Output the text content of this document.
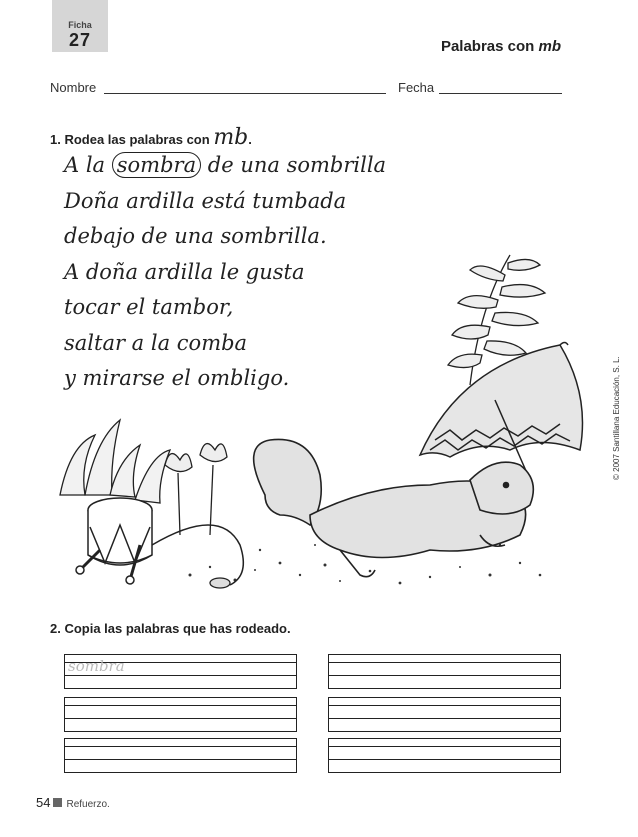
Ficha
27	Palabras con mb
Nombre	Fecha
1. Rodea las palabras con mb.
A la sombra de una sombrilla
Doña ardilla está tumbada
debajo de una sombrilla.
A doña ardilla le gusta
tocar el tambor,
saltar a la comba
y mirarse el ombligo.	© 2007 Santillana Educación, S. L.
2. Copia las palabras que has rodeado.
sombra
54 Refuerzo.
